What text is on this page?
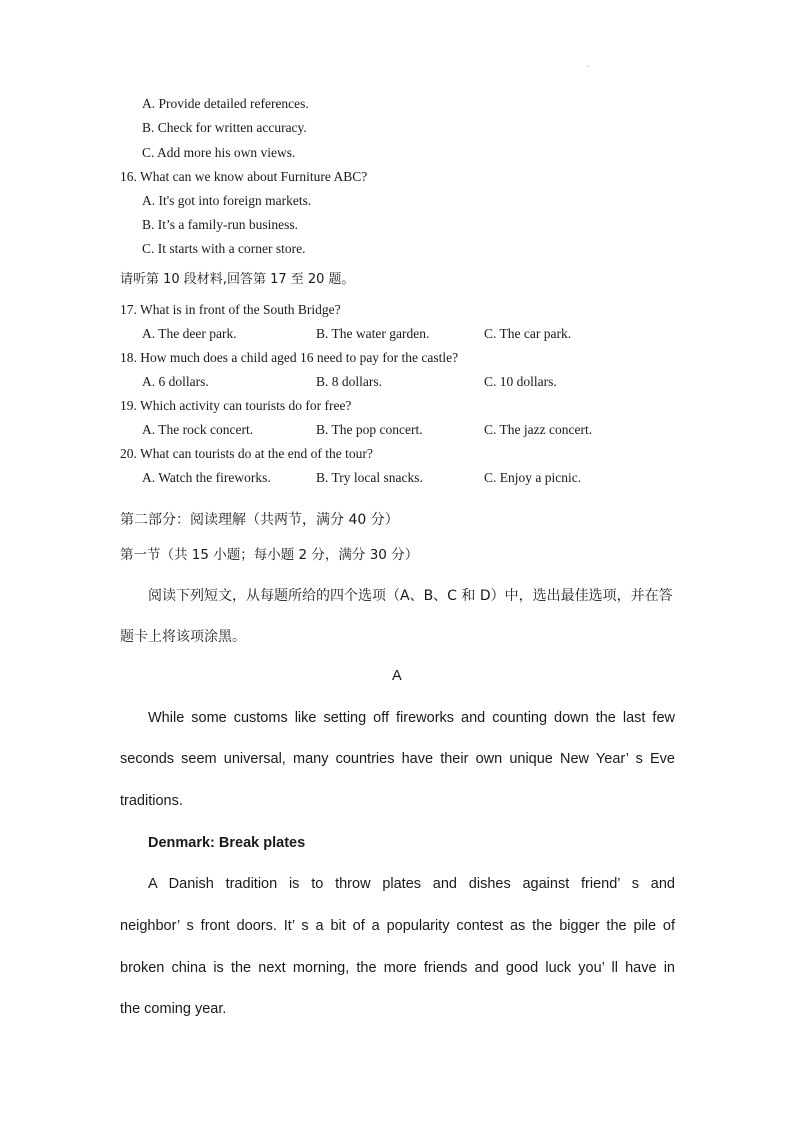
·
A. Provide detailed references.
B. Check for written accuracy.
C. Add more his own views.
16. What can we know about Furniture ABC?
A. It's got into foreign markets.
B. It’s a family-run business.
C. It starts with a corner store.
请听第 10 段材料,回答第 17 至 20 题。
17. What is in front of the South Bridge?
A. The deer park.	B. The water garden.	C. The car park.
18. How much does a child aged 16 need to pay for the castle?
A. 6 dollars.	B. 8 dollars.	C. 10 dollars.
19. Which activity can tourists do for free?
A. The rock concert.	B. The pop concert.	C. The jazz concert.
20. What can tourists do at the end of the tour?
A. Watch the fireworks.	B. Try local snacks.	C. Enjoy a picnic.
第二部分：阅读理解（共两节，满分 40 分）
第一节（共 15 小题；每小题 2 分，满分 30 分）
阅读下列短文，从每题所给的四个选项（A、B、C 和 D）中，选出最佳选项，并在答
题卡上将该项涂黑。
A
While some customs like setting off fireworks and counting down the last few
seconds seem universal, many countries have their own unique New Year’ s Eve
traditions.
Denmark: Break plates
A Danish tradition is to throw plates and dishes against friend’ s and
neighbor’ s front doors. It’ s a bit of a popularity contest as the bigger the pile of
broken china is the next morning, the more friends and good luck you’ ll have in
the coming year.
